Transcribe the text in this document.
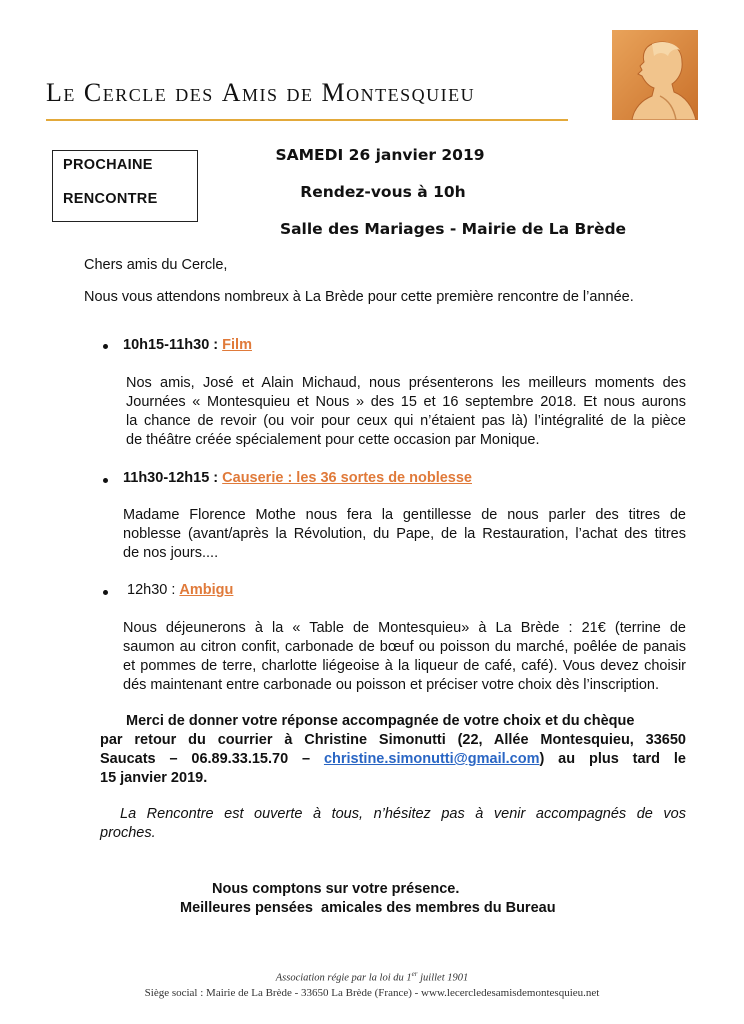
Le Cercle des Amis de Montesquieu
PROCHAINE
RENCONTRE
SAMEDI 26 janvier 2019
Rendez-vous à 10h
Salle des Mariages - Mairie de La Brède
Chers amis du Cercle,
Nous vous attendons nombreux à La Brède pour cette première rencontre de l’année.
10h15-11h30 : Film
Nos amis, José et Alain Michaud, nous présenterons les meilleurs moments des
Journées « Montesquieu et Nous » des 15 et 16 septembre 2018. Et nous aurons
la chance de revoir (ou voir pour ceux qui n’étaient pas là) l’intégralité de la pièce
de théâtre créée spécialement pour cette occasion par Monique.
11h30-12h15 : Causerie : les 36 sortes de noblesse
Madame Florence Mothe nous fera la gentillesse de nous parler des titres de
noblesse (avant/après la Révolution, du Pape, de la Restauration, l’achat des titres
de nos jours....
12h30 : Ambigu
Nous déjeunerons à la « Table de Montesquieu» à La Brède : 21€ (terrine de
saumon au citron confit, carbonade de bœuf ou poisson du marché, poêlée de panais
et pommes de terre, charlotte liégeoise à la liqueur de café, café). Vous devez choisir
dés maintenant entre carbonade ou poisson et préciser votre choix dès l’inscription.
Merci de donner votre réponse accompagnée de votre choix et du chèque
par retour du courrier à Christine Simonutti (22, Allée Montesquieu, 33650
Saucats – 06.89.33.15.70 – christine.simonutti@gmail.com) au plus tard le
15 janvier 2019.
La Rencontre est ouverte à tous, n’hésitez pas à venir accompagnés de vos
proches.
Nous comptons sur votre présence.
Meilleures pensées  amicales des membres du Bureau
Association régie par la loi du 1er juillet 1901
Siège social : Mairie de La Brède - 33650 La Brède (France) - www.lecercledesamisdemontesquieu.net
